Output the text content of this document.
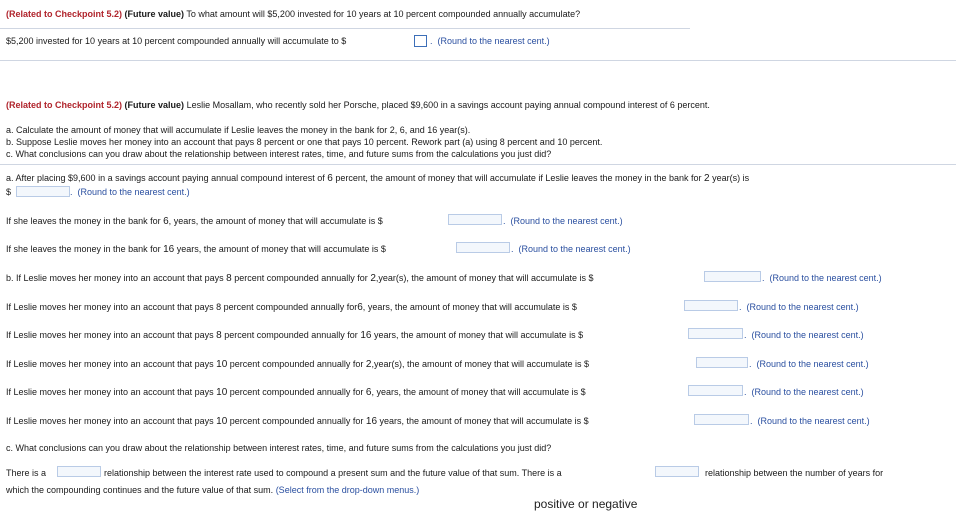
(Related to Checkpoint 5.2) (Future value) To what amount will $5,200 invested for 10 years at 10 percent compounded annually accumulate?
$5,200 invested for 10 years at 10 percent compounded annually will accumulate to $	.  (Round to the nearest cent.)
(Related to Checkpoint 5.2) (Future value) Leslie Mosallam, who recently sold her Porsche, placed $9,600 in a savings account paying annual compound interest of 6 percent.
a. Calculate the amount of money that will accumulate if Leslie leaves the money in the bank for 2, 6, and 16 year(s).
b. Suppose Leslie moves her money into an account that pays 8 percent or one that pays 10 percent. Rework part (a) using 8 percent and 10 percent.
c. What conclusions can you draw about the relationship between interest rates, time, and future sums from the calculations you just did?
a. After placing $9,600 in a savings account paying annual compound interest of 6 percent, the amount of money that will accumulate if Leslie leaves the money in the bank for 2 year(s) is
$	.  (Round to the nearest cent.)
If she leaves the money in the bank for 6, years, the amount of money that will accumulate is $	.  (Round to the nearest cent.)
If she leaves the money in the bank for 16 years, the amount of money that will accumulate is $	.  (Round to the nearest cent.)
b. If Leslie moves her money into an account that pays 8 percent compounded annually for 2,year(s), the amount of money that will accumulate is $	.  (Round to the nearest cent.)
If Leslie moves her money into an account that pays 8 percent compounded annually for6, years, the amount of money that will accumulate is $	.  (Round to the nearest cent.)
If Leslie moves her money into an account that pays 8 percent compounded annually for 16 years, the amount of money that will accumulate is $	.  (Round to the nearest cent.)
If Leslie moves her money into an account that pays 10 percent compounded annually for 2,year(s), the amount of money that will accumulate is $	.  (Round to the nearest cent.)
If Leslie moves her money into an account that pays 10 percent compounded annually for 6, years, the amount of money that will accumulate is $	.  (Round to the nearest cent.)
If Leslie moves her money into an account that pays 10 percent compounded annually for 16 years, the amount of money that will accumulate is $	.  (Round to the nearest cent.)
c. What conclusions can you draw about the relationship between interest rates, time, and future sums from the calculations you just did?
There is a	relationship between the interest rate used to compound a present sum and the future value of that sum. There is a	relationship between the number of years for
which the compounding continues and the future value of that sum. (Select from the drop-down menus.)
positive or negative
